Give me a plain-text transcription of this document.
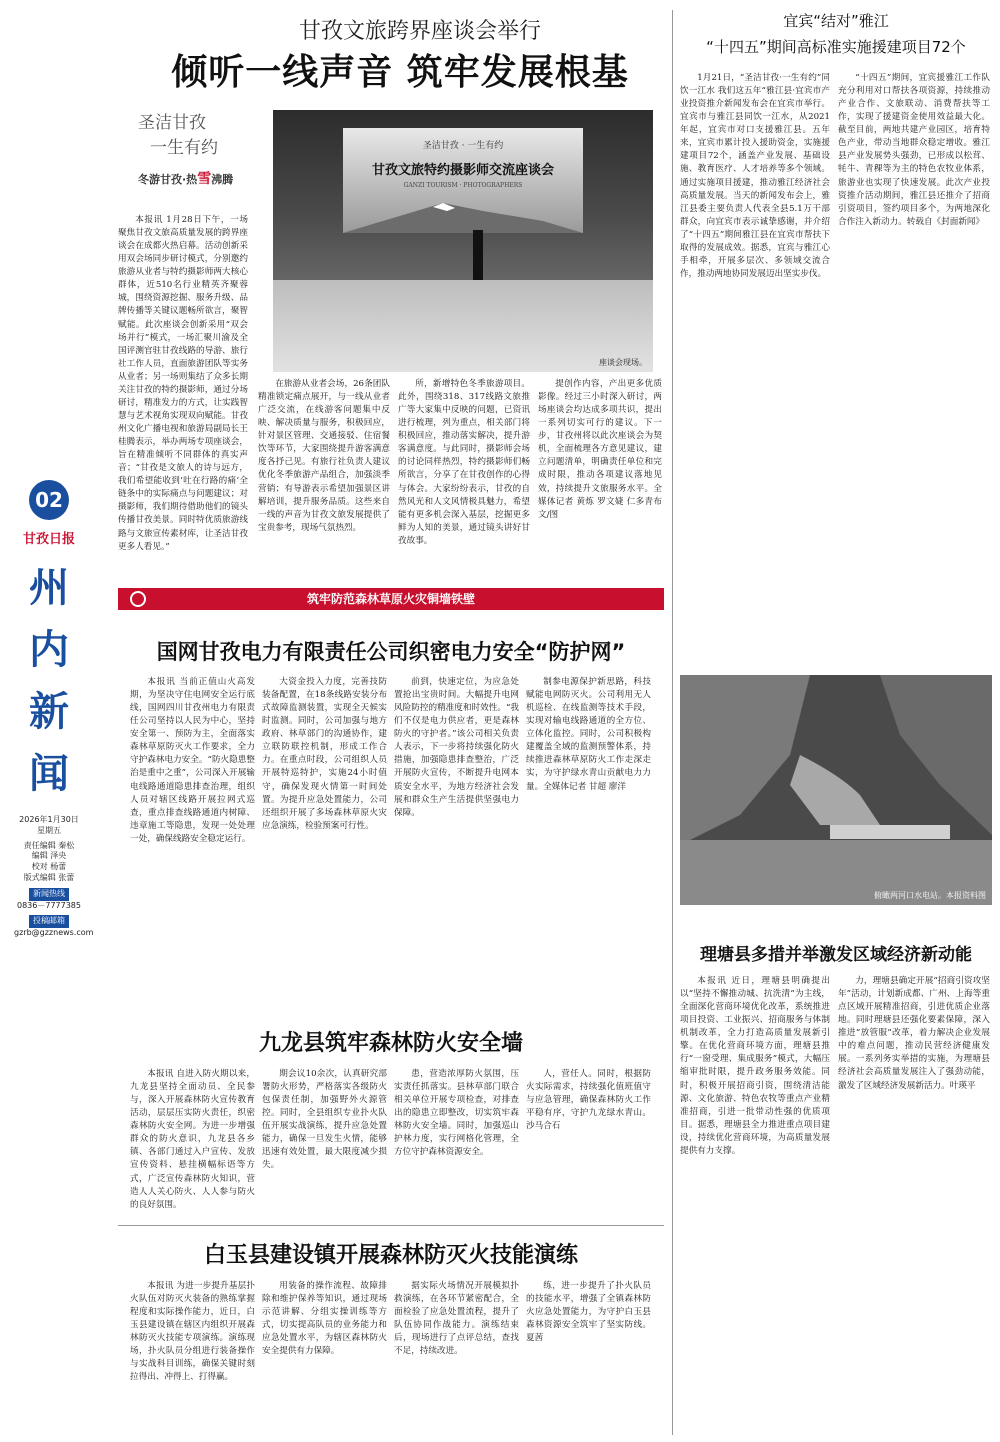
02
甘孜日报
州
内
新
闻
2026年1月30日
星期五
责任编辑 秦松
编辑 泽央
校对 杨蕾
版式编辑 张蕾
新闻热线
0836－7777385
投稿邮箱
gzrb@gzznews.com
甘孜文旅跨界座谈会举行
倾听一线声音 筑牢发展根基
圣洁甘孜
一生有约
冬游甘孜·热雪沸腾
圣洁甘孜 · 一生有约
甘孜文旅特约摄影师交流座谈会
GANZI TOURISM · PHOTOGRAPHERS
座谈会现场。

本报讯 1月28日下午，一场聚焦甘孜文旅高质量发展的跨界座谈会在成都火热启幕。活动创新采用双会场同步研讨模式，分别邀约旅游从业者与特约摄影师两大核心群体，近510名行业精英齐聚蓉城，围绕资源挖掘、服务升级、品牌传播等关键议题畅所欲言，聚智赋能。此次座谈会创新采用“双会场并行”模式，一场汇聚川渝及全国评测官驻甘孜线路的导游、旅行社工作人员，直面旅游团队等实务从业者；另一场则集结了众多长期关注甘孜的特约摄影师，通过分场研讨，精准发力的方式，让实践智慧与艺术视角实现双向赋能。甘孜州文化广播电视和旅游局副局长王桂腾表示，举办两场专项座谈会，旨在精准倾听不同群体的真实声音；“甘孜是文旅人的诗与远方，我们希望能收到‘吐在行路的痛’全链条中的实际痛点与问题建议；对摄影师，我们期待借助他们的镜头传播甘孜美景。同时特优质旅游线路与文旅宣传素材库，让圣洁甘孜更多人看见。”

在旅游从业者会场，26条团队精准锁定痛点展开，与一线从业者广泛交流，在线游客问题集中反映、解决质量与服务，积极回应，针对景区管理、交通接驳、住宿餐饮等环节，大家围绕提升游客满意度各抒己见。有旅行社负责人建议优化冬季旅游产品组合，加强淡季营销；有导游表示希望加强景区讲解培训，提升服务品质。这些来自一线的声音为甘孜文旅发展提供了宝贵参考，现场气氛热烈。

所，新增特色冬季旅游项目。此外，围绕318、317线路文旅推广等大家集中反映的问题，已资讯进行梳理，列为重点，相关部门将积极回应，推动落实解决，提升游客满意度。与此同时，摄影师会场的讨论同样热烈，特约摄影师们畅所欲言，分享了在甘孜创作的心得与体会。大家纷纷表示，甘孜的自然风光和人文风情极具魅力，希望能有更多机会深入基层，挖掘更多鲜为人知的美景，通过镜头讲好甘孜故事。

提创作内容，产出更多优质影像。经过三小时深入研讨，两场座谈会均达成多项共识，提出一系列切实可行的建议。下一步，甘孜州将以此次座谈会为契机，全面梳理各方意见建议，建立问题清单，明确责任单位和完成时限，推动各项建议落地见效，持续提升文旅服务水平。全媒体记者 黄炼 罗文婕 仁多青布 文/图

宜宾“结对”雅江
“十四五”期间高标准实施援建项目72个

1月21日，“圣洁甘孜·一生有约”同饮一江水 我们这五年“雅江县·宜宾市产业投资推介新闻发布会在宜宾市举行。宜宾市与雅江县同饮一江水，从2021年起，宜宾市对口支援雅江县。五年来，宜宾市累计投入援助资金，实施援建项目72个，涵盖产业发展、基础设施、教育医疗、人才培养等多个领域。通过实施项目援建，推动雅江经济社会高质量发展。当天的新闻发布会上，雅江县委主要负责人代表全县5.1万干部群众，向宜宾市表示诚挚感谢，并介绍了“十四五”期间雅江县在宜宾市帮扶下取得的发展成效。据悉，宜宾与雅江心手相牵，开展多层次、多领域交流合作，推动两地协同发展迈出坚实步伐。

“十四五”期间，宜宾援雅江工作队充分利用对口帮扶各项资源，持续推动产业合作、文旅联动、消费帮扶等工作，实现了援建资金使用效益最大化。截至目前，两地共建产业园区，培育特色产业，带动当地群众稳定增收。雅江县产业发展势头强劲，已形成以松茸、牦牛、青稞等为主的特色农牧业体系，旅游业也实现了快速发展。此次产业投资推介活动期间，雅江县还推介了招商引资项目，签约项目多个，为两地深化合作注入新动力。转载自《封面新闻》

俯瞰两河口水电站。本报资料图
理塘县多措并举激发区域经济新动能

本报讯 近日，理塘县明确提出以“坚持不懈推动城、抗洗清”为主线，全面深化营商环境优化改革，系统推进项目投资、工业振兴、招商服务与体制机制改革，全力打造高质量发展新引擎。在优化营商环境方面，理塘县推行“一窗受理、集成服务”模式，大幅压缩审批时限，提升政务服务效能。同时，积极开展招商引资，围绕清洁能源、文化旅游、特色农牧等重点产业精准招商，引进一批带动性强的优质项目。据悉，理塘县全力推进重点项目建设，持续优化营商环境，为高质量发展提供有力支撑。

力，理塘县确定开展“招商引资攻坚年”活动，计划新成都、广州、上海等重点区域开展精准招商，引进优质企业落地。同时理塘县还强化要素保障，深入推进“放管服”改革，着力解决企业发展中的难点问题，推动民营经济健康发展。一系列务实举措的实施，为理塘县经济社会高质量发展注入了强劲动能，激发了区域经济发展新活力。叶瑛平

筑牢防范森林草原火灾铜墙铁壁
国网甘孜电力有限责任公司织密电力安全“防护网”

本报讯 当前正值山火高发期，为坚决守住电网安全运行底线，国网四川甘孜州电力有限责任公司坚持以人民为中心，坚持安全第一、预防为主，全面落实森林草原防灭火工作要求，全力守护森林电力安全。“防火隐患整治是重中之重”，公司深入开展输电线路通道隐患排查治理，组织人员对辖区线路开展拉网式巡查，重点排查线路通道内树障、违章施工等隐患，发现一处处理一处，确保线路安全稳定运行。

大资金投入力度，完善技防装备配置，在18条线路安装分布式故障监测装置，实现全天候实时监测。同时，公司加强与地方政府、林草部门的沟通协作，建立联防联控机制，形成工作合力。在重点时段，公司组织人员开展特巡特护，实施24小时值守，确保发现火情第一时间处置。为提升应急处置能力，公司还组织开展了多场森林草原火灾应急演练，检验预案可行性。

前到，快速定位，为应急处置抢出宝贵时间。大幅提升电网风险防控的精准度和时效性。“我们不仅是电力供应者，更是森林防火的守护者。”该公司相关负责人表示，下一步将持续强化防火措施，加强隐患排查整治，广泛开展防火宣传，不断提升电网本质安全水平，为地方经济社会发展和群众生产生活提供坚强电力保障。

制参电源保护新思路，科技赋能电网防灭火。公司利用无人机巡检、在线监测等技术手段，实现对输电线路通道的全方位、立体化监控。同时，公司积极构建覆盖全域的监测预警体系，持续推进森林草原防火工作走深走实，为守护绿水青山贡献电力力量。全媒体记者 甘超 廖洋

九龙县筑牢森林防火安全墙

本报讯 自进入防火期以来，九龙县坚持全面动员、全民参与，深入开展森林防火宣传教育活动，层层压实防火责任，织密森林防火安全网。为进一步增强群众的防火意识，九龙县各乡镇、各部门通过入户宣传、发放宣传资料、悬挂横幅标语等方式，广泛宣传森林防火知识，营造人人关心防火、人人参与防火的良好氛围。

期会议10余次，认真研究部署防火形势，严格落实各级防火包保责任制，加强野外火源管控。同时，全县组织专业扑火队伍开展实战演练，提升应急处置能力，确保一旦发生火情，能够迅速有效处置，最大限度减少损失。

患，营造浓厚防火氛围，压实责任抓落实。县林草部门联合相关单位开展专项检查，对排查出的隐患立即整改，切实筑牢森林防火安全墙。同时，加强巡山护林力度，实行网格化管理，全方位守护森林资源安全。

人，营任人。同时，根据防火实际需求，持续强化值班值守与应急管理，确保森林防火工作平稳有序，守护九龙绿水青山。沙马合石

白玉县建设镇开展森林防灭火技能演练

本报讯 为进一步提升基层扑火队伍对防灭火装备的熟练掌握程度和实际操作能力，近日，白玉县建设镇在辖区内组织开展森林防灭火技能专项演练。演练现场，扑火队员分组进行装备操作与实战科目训练，确保关键时刻拉得出、冲得上、打得赢。

用装备的操作流程、故障排除和维护保养等知识，通过现场示范讲解、分组实操训练等方式，切实提高队员的业务能力和应急处置水平，为辖区森林防火安全提供有力保障。

据实际火场情况开展模拟扑救演练，在各环节紧密配合，全面检验了应急处置流程，提升了队伍协同作战能力。演练结束后，现场进行了点评总结，查找不足，持续改进。

练，进一步提升了扑火队员的技能水平，增强了全镇森林防火应急处置能力，为守护白玉县森林资源安全筑牢了坚实防线。夏茜
